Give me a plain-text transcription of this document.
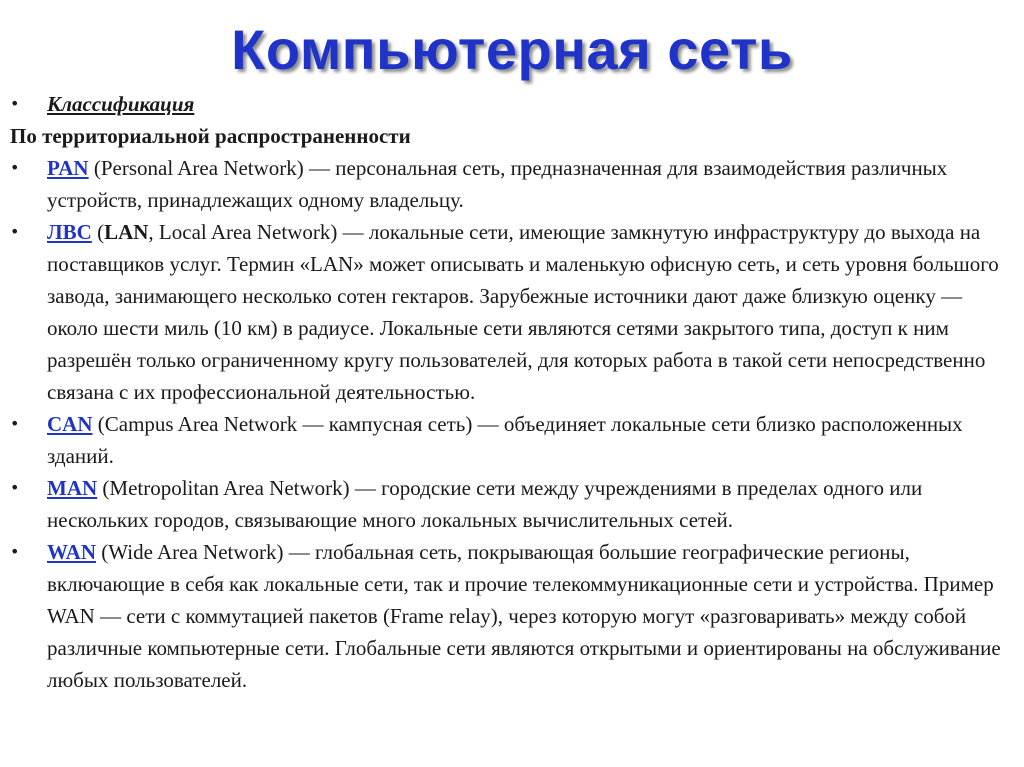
Компьютерная сеть

•	Классификация

По территориальной распространенности

•	PAN (Personal Area Network) — персональная сеть, предназначенная для взаимодействия различных устройств, принадлежащих одному владельцу.

•	ЛВС (LAN, Local Area Network) — локальные сети, имеющие замкнутую инфраструктуру до выхода на поставщиков услуг. Термин «LAN» может описывать и маленькую офисную сеть, и сеть уровня большого завода, занимающего несколько сотен гектаров. Зарубежные источники дают даже близкую оценку — около шести миль (10 км) в радиусе. Локальные сети являются сетями закрытого типа, доступ к ним разрешён только ограниченному кругу пользователей, для которых работа в такой сети непосредственно связана с их профессиональной деятельностью.

•	CAN (Campus Area Network — кампусная сеть) — объединяет локальные сети близко расположенных зданий.

•	MAN (Metropolitan Area Network) — городские сети между учреждениями в пределах одного или нескольких городов, связывающие много локальных вычислительных сетей.

•	WAN (Wide Area Network) — глобальная сеть, покрывающая большие географические регионы, включающие в себя как локальные сети, так и прочие телекоммуникационные сети и устройства. Пример WAN — сети с коммутацией пакетов (Frame relay), через которую могут «разговаривать» между собой различные компьютерные сети. Глобальные сети являются открытыми и ориентированы на обслуживание любых пользователей.
